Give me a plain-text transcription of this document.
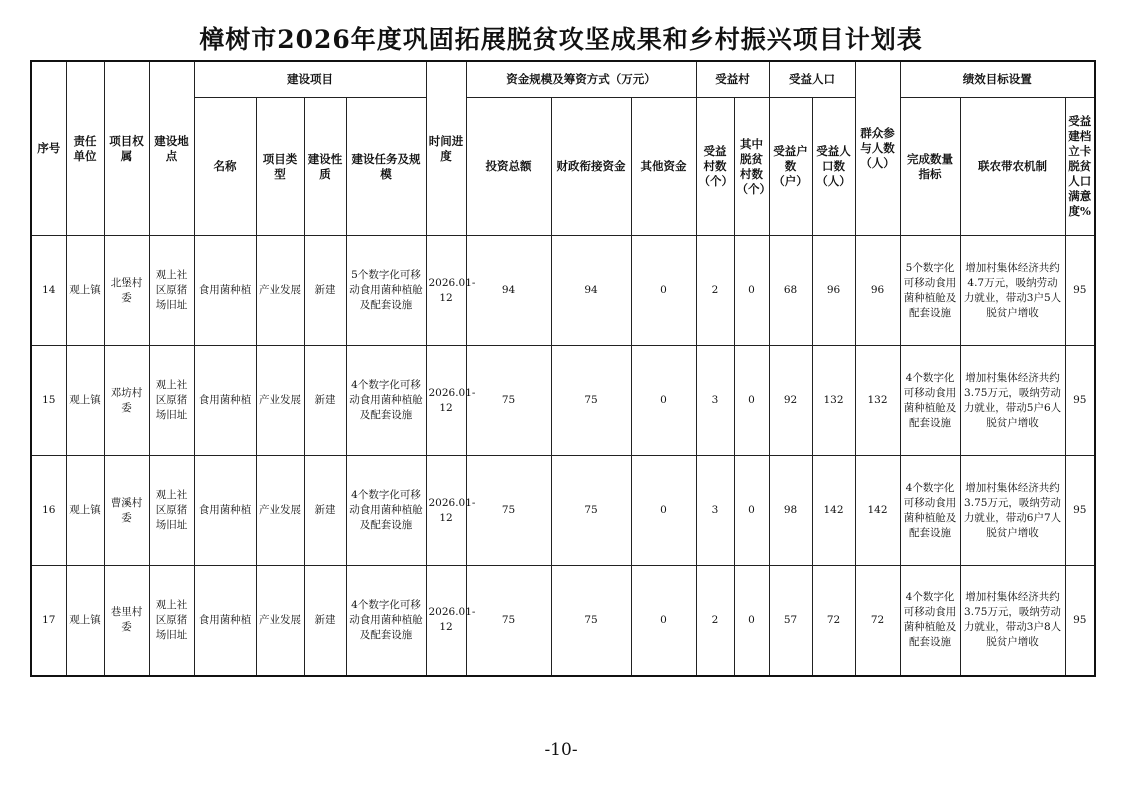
樟树市2026年度巩固拓展脱贫攻坚成果和乡村振兴项目计划表
序号	责任单位	项目权属	建设地点	建设项目				时间进度	资金规模及筹资方式（万元）			受益村		受益人口		群众参与人数（人）	绩效目标设置		
				名称	项目类型	建设性质	建设任务及规模		投资总额	财政衔接资金	其他资金	受益村数（个）	其中脱贫村数（个）	受益户数（户）	受益人口数（人）		完成数量指标	联农带农机制	受益建档立卡脱贫人口满意度%
14	观上镇	北堡村委	观上社区原猪场旧址	食用菌种植	产业发展	新建	5个数字化可移动食用菌种植舱及配套设施	2026.01-12	94	94	0	2	0	68	96	96	5个数字化可移动食用菌种植舱及配套设施	增加村集体经济共约4.7万元，吸纳劳动力就业，带动3户5人脱贫户增收	95
15	观上镇	邓坊村委	观上社区原猪场旧址	食用菌种植	产业发展	新建	4个数字化可移动食用菌种植舱及配套设施	2026.01-12	75	75	0	3	0	92	132	132	4个数字化可移动食用菌种植舱及配套设施	增加村集体经济共约3.75万元，吸纳劳动力就业，带动5户6人脱贫户增收	95
16	观上镇	曹溪村委	观上社区原猪场旧址	食用菌种植	产业发展	新建	4个数字化可移动食用菌种植舱及配套设施	2026.01-12	75	75	0	3	0	98	142	142	4个数字化可移动食用菌种植舱及配套设施	增加村集体经济共约3.75万元，吸纳劳动力就业，带动6户7人脱贫户增收	95
17	观上镇	巷里村委	观上社区原猪场旧址	食用菌种植	产业发展	新建	4个数字化可移动食用菌种植舱及配套设施	2026.01-12	75	75	0	2	0	57	72	72	4个数字化可移动食用菌种植舱及配套设施	增加村集体经济共约3.75万元，吸纳劳动力就业，带动3户8人脱贫户增收	95
-10-
